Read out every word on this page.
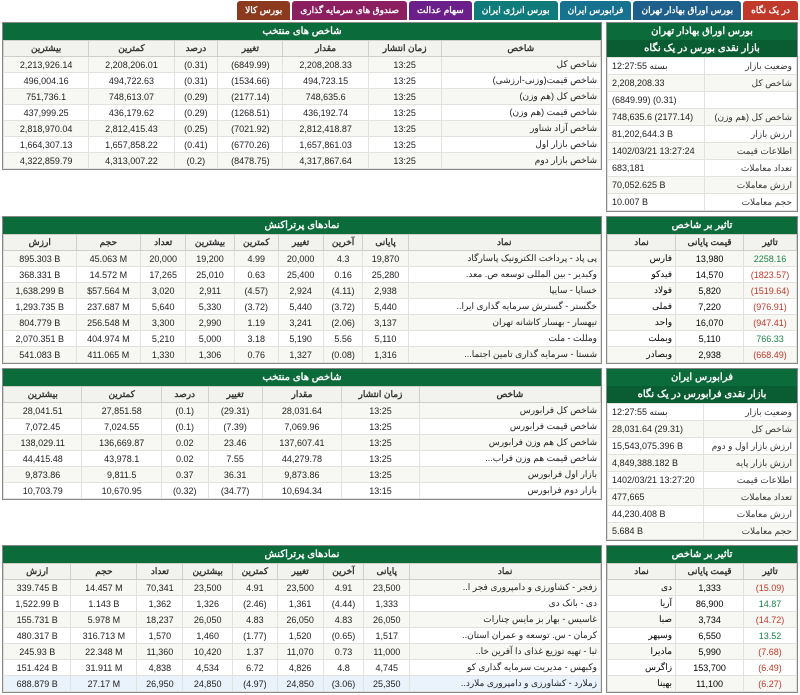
در یک نگاه
بورس اوراق بهادار تهران
فرابورس ایران
بورس انرژی ایران
سهام عدالت
صندوق های سرمایه گذاری
بورس کالا
بورس اوراق بهادار تهران
بازار نقدی بورس در یک نگاه
وضعیت بازار	بسته 12:27:55
شاخص کل	2,208,208.33
	(6849.99) (0.31)
شاخص کل (هم وزن)	748,635.6 (2177.14)
ارزش بازار	81,202,644.3 B
اطلاعات قیمت	1402/03/21 13:27:24
تعداد معاملات	683,181
ارزش معاملات	70,052.625 B
حجم معاملات	10.007 B
شاخص های منتخب
شاخص	زمان انتشار	مقدار	تغییر	درصد	کمترین	بیشترین
شاخص کل	13:25	2,208,208.33	(6849.99)	(0.31)	2,208,206.01	2,213,926.14
شاخص قیمت(وزنی-ارزشی)	13:25	494,723.15	(1534.66)	(0.31)	494,722.63	496,004.16
شاخص کل (هم وزن)	13:25	748,635.6	(2177.14)	(0.29)	748,613.07	751,736.1
شاخص قیمت (هم وزن)	13:25	436,192.74	(1268.51)	(0.29)	436,179.62	437,999.25
شاخص آزاد شناور	13:25	2,812,418.87	(7021.92)	(0.25)	2,812,415.43	2,818,970.04
شاخص بازار اول	13:25	1,657,861.03	(6770.26)	(0.41)	1,657,858.22	1,664,307.13
شاخص بازار دوم	13:25	4,317,867.64	(8478.75)	(0.2)	4,313,007.22	4,322,859.79
تاثیر بر شاخص
تاثیر	قیمت پایانی	نماد
2258.16	13,980	فارس
(1823.57)	14,570	فیدکو
(1519.64)	5,820	فولاد
(976.91)	7,220	فملی
(947.41)	16,070	واحد
766.33	5,110	وبملت
(668.49)	2,938	وبصادر
نمادهای پرتراکنش
نماد	پایانی	آخرین	تغییر	کمترین	بیشترین	تعداد	حجم	ارزش
پی پاد - پرداخت الکترونیک پاسارگاد	19,870	4.3	20,000	4.99	19,200	20,000	45.063 M	895.303 B
وکبدیر - بین المللی توسعه ص. معد.	25,280	0.16	25,400	0.63	25,010	17,265	14.572 M	368.331 B
خساپا - سایپا	2,938	(4.11)	2,924	(4.57)	2,911	3,020	$57.564 M	1,638.299 B
خگستر - گسترش سرمایه گذاری ایرا..	5,440	(3.72)	5,440	(3.72)	5,330	5,640	237.687 M	1,293.735 B
تیهسار - بهسار کاشانه تهران	3,137	(2.06)	3,241	1.19	2,990	3,300	256.548 M	804.779 B
ومللت - ملت	5,110	5.56	5,190	3.18	5,000	5,210	404.974 M	2,070.351 B
شستا - سرمایه گذاری تامین اجتما...	1,316	(0.08)	1,327	0.76	1,306	1,330	411.065 M	541.083 B
فرابورس ایران
بازار نقدی فرابورس در یک نگاه
وضعیت بازار	بسته 12:27:55
شاخص کل	28,031.64 (29.31)
ارزش بازار اول و دوم	15,543,075.396 B
ارزش بازار پایه	4,849,388.182 B
اطلاعات قیمت	1402/03/21 13:27:20
تعداد معاملات	477,665
ارزش معاملات	44,230.408 B
حجم معاملات	5.684 B
شاخص های منتخب
شاخص	زمان انتشار	مقدار	تغییر	درصد	کمترین	بیشترین
شاخص کل فرابورس	13:25	28,031.64	(29.31)	(0.1)	27,851.58	28,041.51
شاخص قیمت فرابورس	13:25	7,069.96	(7.39)	(0.1)	7,024.55	7,072.45
شاخص کل هم وزن فرابورس	13:25	137,607.41	23.46	0.02	136,669.87	138,029.11
شاخص قیمت هم وزن فراب...	13:25	44,279.78	7.55	0.02	43,978.1	44,415.48
بازار اول فرابورس	13:25	9,873.86	36.31	0.37	9,811.5	9,873.86
بازار دوم فرابورس	13:15	10,694.34	(34.77)	(0.32)	10,670.95	10,703.79
تاثیر بر شاخص
تاثیر	قیمت پایانی	نماد
(15.09)	1,333	دی
14.87	86,900	آریا
(14.72)	3,734	صبا
13.52	6,550	وسپهر
(7.68)	5,990	مادیرا
(6.49)	153,700	زاگرس
(6.27)	11,100	بهینا
نمادهای پرتراکنش
نماد	پایانی	آخرین	تغییر	کمترین	بیشترین	تعداد	حجم	ارزش
زفجر - کشاورزی و دامپروری فجر ا..	23,500	4.91	23,500	4.91	23,500	70,341	14.457 M	339.745 B
دی - بانک دی	1,333	(4.44)	1,361	(2.46)	1,326	1,362	1.143 B	1,522.99 B
غاسیس - بهار بز مایس چنارات	26,050	4.83	26,050	4.83	26,050	18,237	5.978 M	155.731 B
کرمان - س. توسعه و عمران استان..	1,517	(0.65)	1,520	(1.77)	1,460	1,570	316.713 M	480.317 B
ثبا - تهیه توزیع غذای دا آفرین خا..	11,000	0.73	11,070	1.37	10,420	11,360	22.348 M	245.93 B
وکبهس - مدیریت سرمایه گذاری کو	4,745	4.8	4,826	6.72	4,534	4,838	31.911 M	151.424 B
زملارد - کشاورزی و دامپروری ملارد..	25,350	(3.06)	24,850	(4.97)	24,850	26,950	27.17 M	688.879 B
